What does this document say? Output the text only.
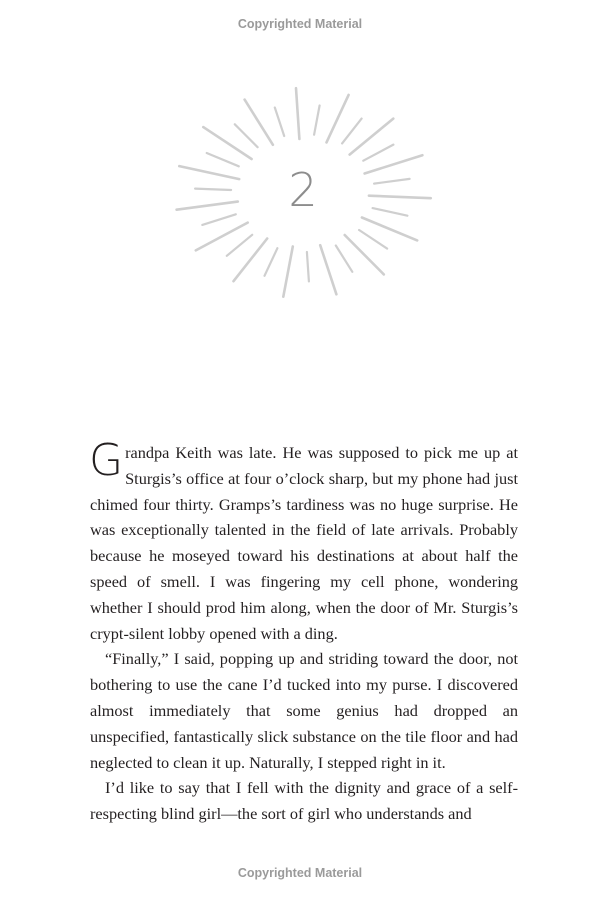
Copyrighted Material
2

Grandpa Keith was late. He was supposed to pick me up at Sturgis’s office at four o’clock sharp, but my phone had just chimed four thirty. Gramps’s tardiness was no huge surprise. He was exceptionally talented in the field of late arrivals. Probably because he moseyed toward his destinations at about half the speed of smell. I was fingering my cell phone, wondering whether I should prod him along, when the door of Mr. Sturgis’s crypt-silent lobby opened with a ding.

“Finally,” I said, popping up and striding toward the door, not bothering to use the cane I’d tucked into my purse. I discovered almost immediately that some genius had dropped an unspecified, fantastically slick substance on the tile floor and had neglected to clean it up. Naturally, I stepped right in it.

I’d like to say that I fell with the dignity and grace of a self-respecting blind girl—the sort of girl who understands and

Copyrighted Material
